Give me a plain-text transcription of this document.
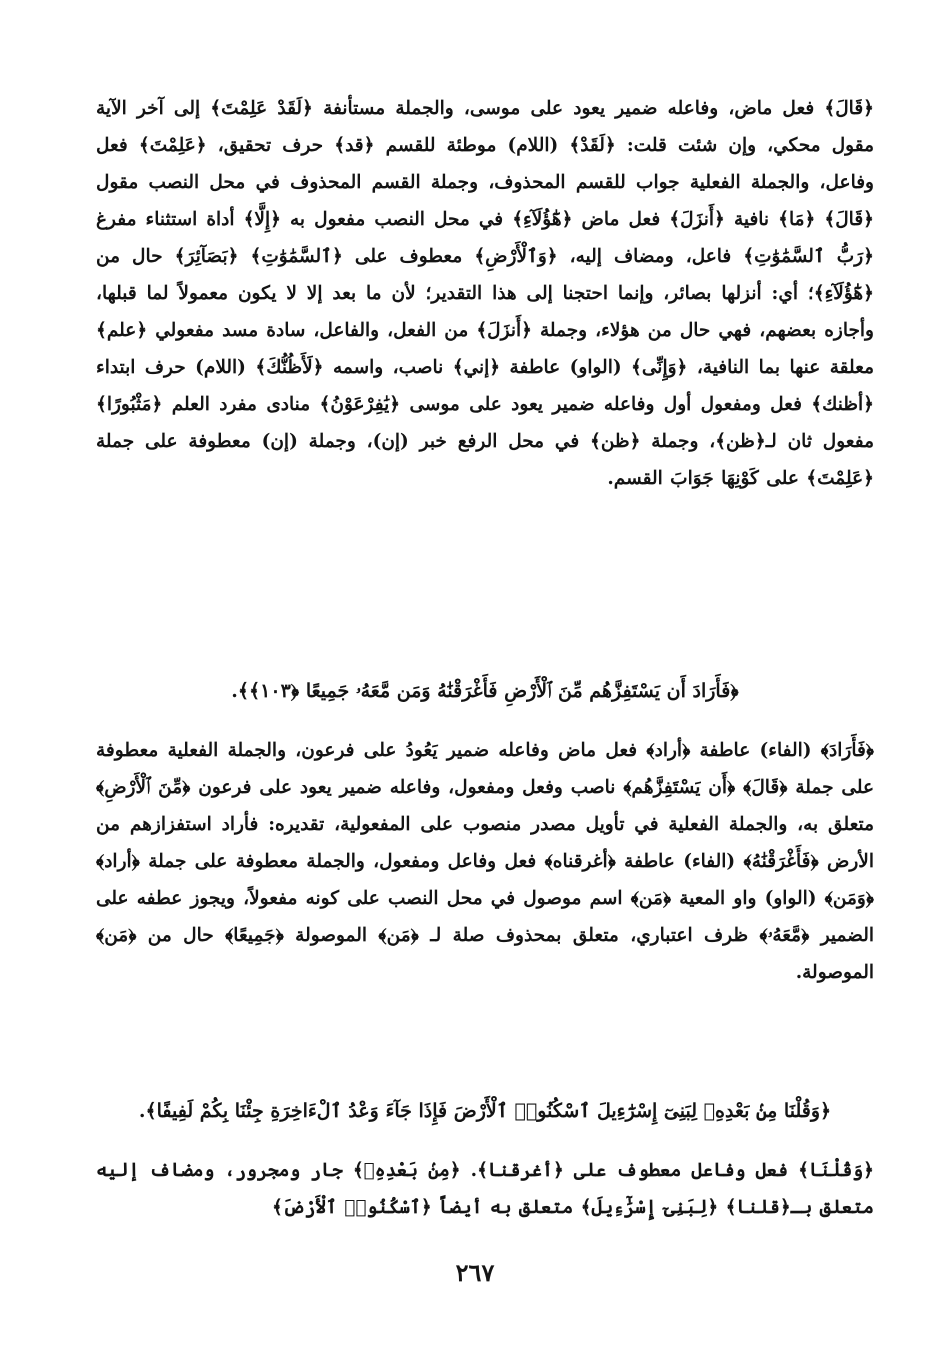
﴿قَالَ﴾ فعل ماض، وفاعله ضمير يعود على موسى، والجملة مستأنفة ﴿لَقَدْ عَلِمْتَ﴾ إلى آخر الآية مقول محكي، وإن شئت قلت: ﴿لَقَدْ﴾ (اللام) موطئة للقسم ﴿قد﴾ حرف تحقيق، ﴿عَلِمْتَ﴾ فعل وفاعل، والجملة الفعلية جواب للقسم المحذوف، وجملة القسم المحذوف في محل النصب مقول ﴿قَالَ﴾ ﴿مَا﴾ نافية ﴿أَنزَلَ﴾ فعل ماض ﴿هَٰٓؤُلَآءِ﴾ في محل النصب مفعول به ﴿إِلَّا﴾ أداة استثناء مفرغ ﴿رَبُّ ٱلسَّمَٰوَٰتِ﴾ فاعل، ومضاف إليه، ﴿وَٱلْأَرْضِ﴾ معطوف على ﴿ٱلسَّمَٰوَٰتِ﴾ ﴿بَصَآئِرَ﴾ حال من ﴿هَٰٓؤُلَآءِ﴾؛ أي: أنزلها بصائر، وإنما احتجنا إلى هذا التقدير؛ لأن ما بعد إلا لا يكون معمولاً لما قبلها، وأجازه بعضهم، فهي حال من هؤلاء، وجملة ﴿أَنزَلَ﴾ من الفعل، والفاعل، سادة مسد مفعولي ﴿علم﴾ معلقة عنها بما النافية، ﴿وَإِنِّى﴾ (الواو) عاطفة ﴿إني﴾ ناصب، واسمه ﴿لَأَظُنُّكَ﴾ (اللام) حرف ابتداء ﴿أظنك﴾ فعل ومفعول أول وفاعله ضمير يعود على موسى ﴿يَٰفِرْعَوْنُ﴾ منادى مفرد العلم ﴿مَثْبُورًا﴾ مفعول ثان لـ﴿ظن﴾، وجملة ﴿ظن﴾ في محل الرفع خبر (إن)، وجملة (إن) معطوفة على جملة ﴿عَلِمْتَ﴾ على كَوْنِهَا جَوَابَ القسم.

﴿فَأَرَادَ أَن يَسْتَفِزَّهُم مِّنَ ٱلْأَرْضِ فَأَغْرَقْنَٰهُ وَمَن مَّعَهُۥ جَمِيعًا ﴿١٠٣﴾﴾.

﴿فَأَرَادَ﴾ (الفاء) عاطفة ﴿أراد﴾ فعل ماض وفاعله ضمير يَعُودُ على فرعون، والجملة الفعلية معطوفة على جملة ﴿قَالَ﴾ ﴿أَن يَسْتَفِزَّهُم﴾ ناصب وفعل ومفعول، وفاعله ضمير يعود على فرعون ﴿مِّنَ ٱلْأَرْضِ﴾ متعلق به، والجملة الفعلية في تأويل مصدر منصوب على المفعولية، تقديره: فأراد استفزازهم من الأرض ﴿فَأَغْرَقْنَٰهُ﴾ (الفاء) عاطفة ﴿أغرقناه﴾ فعل وفاعل ومفعول، والجملة معطوفة على جملة ﴿أراد﴾ ﴿وَمَن﴾ (الواو) واو المعية ﴿مَن﴾ اسم موصول في محل النصب على كونه مفعولاً، ويجوز عطفه على الضمير ﴿مَّعَهُۥ﴾ ظرف اعتباري، متعلق بمحذوف صلة لـ ﴿مَن﴾ الموصولة ﴿جَمِيعًا﴾ حال من ﴿مَن﴾ الموصولة.

﴿وَقُلْنَا مِنۢ بَعْدِهِۦ لِبَنِىٓ إِسْرَٰٓءِيلَ ٱسْكُنُوا۟ ٱلْأَرْضَ فَإِذَا جَآءَ وَعْدُ ٱلْءَاخِرَةِ جِئْنَا بِكُمْ لَفِيفًا﴾.

﴿وَقُلْنَا﴾ فعل وفاعل معطوف على ﴿أغرقنا﴾. ﴿مِنۢ بَعْدِهِۦ﴾ جار ومجرور، ومضاف إليه متعلق بـ﴿قلنا﴾ ﴿لِبَنِىٓ إِسْرَٰٓءِيلَ﴾ متعلق به أيضاً ﴿ٱسْكُنُوا۟ ٱلْأَرْضَ﴾

٢٦٧
